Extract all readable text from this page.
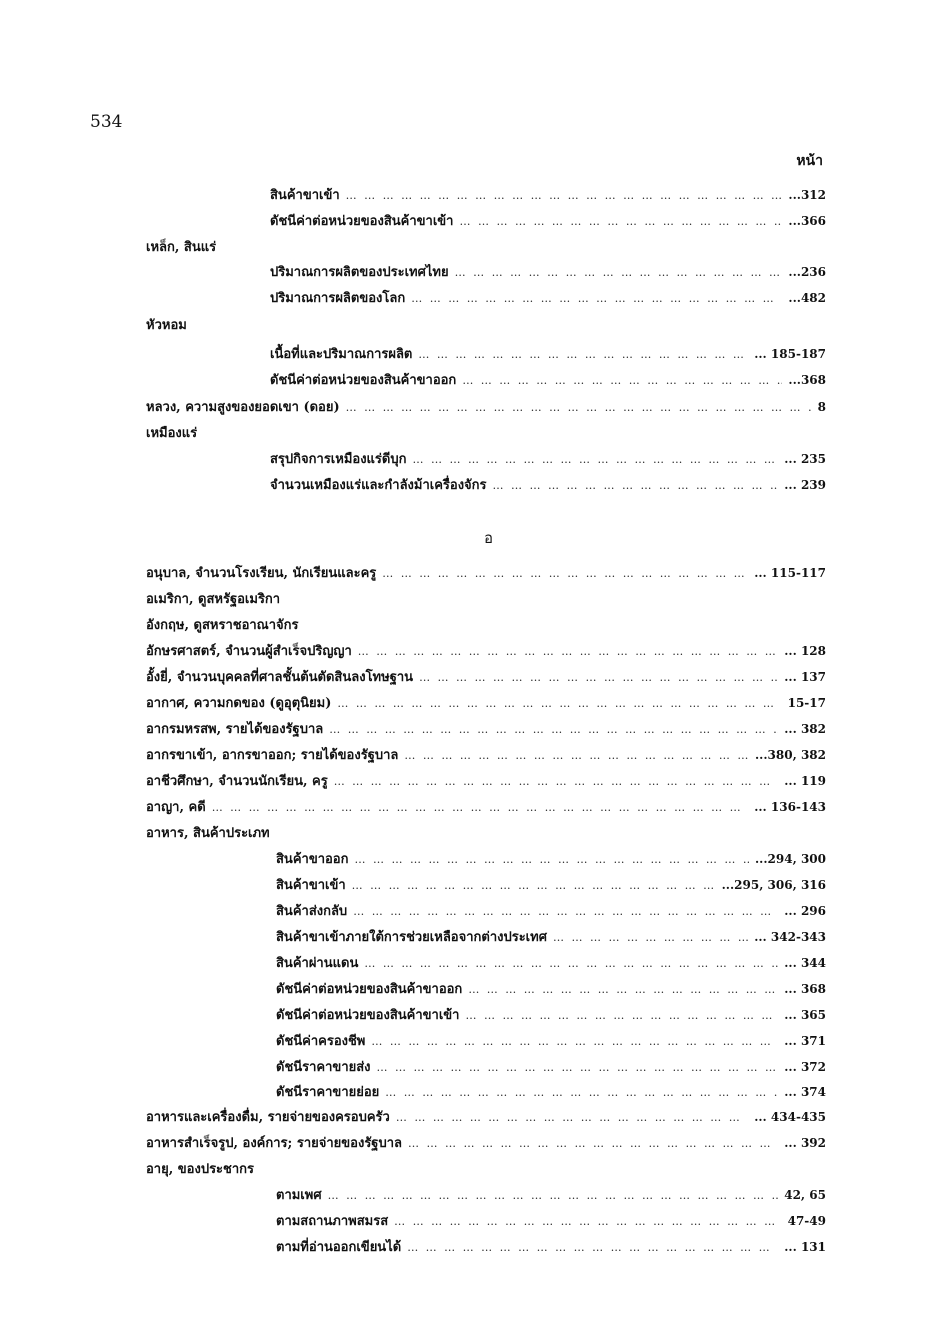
534
หน้า
สินค้าขาเข้า … … … … … … … … … … … … … … … … … … … … … … … … … … … … … … … … … … … … … … … … … … …	...312
ดัชนีค่าต่อหน่วยของสินค้าขาเข้า … … … … … … … … … … … … … … … … … … … … … … … … … … … … … … … … … … … … … … … … … … …	...366
เหล็ก, สินแร่
ปริมาณการผลิตของประเทศไทย … … … … … … … … … … … … … … … … … … … … … … … … … … … … … … … … … … … … … … … … … … …	...236
ปริมาณการผลิตของโลก … … … … … … … … … … … … … … … … … … … … … … … … … … … … … … … … … … … … … … … … … … …	...482
หัวหอม
เนื้อที่และปริมาณการผลิต … … … … … … … … … … … … … … … … … … … … … … … … … … … … … … … … … … … … … … … … … … …	... 185-187
ดัชนีค่าต่อหน่วยของสินค้าขาออก … … … … … … … … … … … … … … … … … … … … … … … … … … … … … … … … … … … … … … … … … … …	...368
หลวง, ความสูงของยอดเขา (ดอย) … … … … … … … … … … … … … … … … … … … … … … … … … … … … … … … … … … … … … … … … … … …	8
เหมืองแร่
สรุปกิจการเหมืองแร่ดีบุก … … … … … … … … … … … … … … … … … … … … … … … … … … … … … … … … … … … … … … … … … … …	... 235
จำนวนเหมืองแร่และกำลังม้าเครื่องจักร … … … … … … … … … … … … … … … … … … … … … … … … … … … … … … … … … … … … … … … … … … …	... 239
อ
อนุบาล, จำนวนโรงเรียน, นักเรียนและครู … … … … … … … … … … … … … … … … … … … … … … … … … … … … … … … … … … … … … … … … … … …	... 115-117
อเมริกา, ดูสหรัฐอเมริกา
อังกฤษ, ดูสหราชอาณาจักร
อักษรศาสตร์, จำนวนผู้สำเร็จปริญญา … … … … … … … … … … … … … … … … … … … … … … … … … … … … … … … … … … … … … … … … … … …	... 128
อั้งยี่, จำนวนบุคคลที่ศาลชั้นต้นตัดสินลงโทษฐาน … … … … … … … … … … … … … … … … … … … … … … … … … … … … … … … … … … … … … … … … … … …	... 137
อากาศ, ความกดของ (ดูอุตุนิยม) … … … … … … … … … … … … … … … … … … … … … … … … … … … … … … … … … … … … … … … … … … …	15-17
อากรมหรสพ, รายได้ของรัฐบาล … … … … … … … … … … … … … … … … … … … … … … … … … … … … … … … … … … … … … … … … … … …	... 382
อากรขาเข้า, อากรขาออก; รายได้ของรัฐบาล … … … … … … … … … … … … … … … … … … … … … … … … … … … … … … … … … … … … … … … … … … …	...380, 382
อาชีวศึกษา, จำนวนนักเรียน, ครู … … … … … … … … … … … … … … … … … … … … … … … … … … … … … … … … … … … … … … … … … … …	... 119
อาญา, คดี … … … … … … … … … … … … … … … … … … … … … … … … … … … … … … … … … … … … … … … … … … …	... 136-143
อาหาร, สินค้าประเภท
สินค้าขาออก … … … … … … … … … … … … … … … … … … … … … … … … … … … … … … … … … … … … … … … … … … …	...294, 300
สินค้าขาเข้า … … … … … … … … … … … … … … … … … … … … … … … … … … … … … … … … … … … … … … … … … … …	...295, 306, 316
สินค้าส่งกลับ … … … … … … … … … … … … … … … … … … … … … … … … … … … … … … … … … … … … … … … … … … …	... 296
สินค้าขาเข้าภายใต้การช่วยเหลือจากต่างประเทศ … … … … … … … … … … … … … … … … … … … … … … … … … … … … … … … … … … … … … … … … … … …	... 342-343
สินค้าผ่านแดน … … … … … … … … … … … … … … … … … … … … … … … … … … … … … … … … … … … … … … … … … … …	... 344
ดัชนีค่าต่อหน่วยของสินค้าขาออก … … … … … … … … … … … … … … … … … … … … … … … … … … … … … … … … … … … … … … … … … … …	... 368
ดัชนีค่าต่อหน่วยของสินค้าขาเข้า … … … … … … … … … … … … … … … … … … … … … … … … … … … … … … … … … … … … … … … … … … …	... 365
ดัชนีค่าครองชีพ … … … … … … … … … … … … … … … … … … … … … … … … … … … … … … … … … … … … … … … … … … …	... 371
ดัชนีราคาขายส่ง … … … … … … … … … … … … … … … … … … … … … … … … … … … … … … … … … … … … … … … … … … …	... 372
ดัชนีราคาขายย่อย … … … … … … … … … … … … … … … … … … … … … … … … … … … … … … … … … … … … … … … … … … …	... 374
อาหารและเครื่องดื่ม, รายจ่ายของครอบครัว … … … … … … … … … … … … … … … … … … … … … … … … … … … … … … … … … … … … … … … … … … …	... 434-435
อาหารสำเร็จรูป, องค์การ; รายจ่ายของรัฐบาล … … … … … … … … … … … … … … … … … … … … … … … … … … … … … … … … … … … … … … … … … … …	... 392
อายุ, ของประชากร
ตามเพศ … … … … … … … … … … … … … … … … … … … … … … … … … … … … … … … … … … … … … … … … … … …	42, 65
ตามสถานภาพสมรส … … … … … … … … … … … … … … … … … … … … … … … … … … … … … … … … … … … … … … … … … … …	47-49
ตามที่อ่านออกเขียนได้ … … … … … … … … … … … … … … … … … … … … … … … … … … … … … … … … … … … … … … … … … … …	... 131
